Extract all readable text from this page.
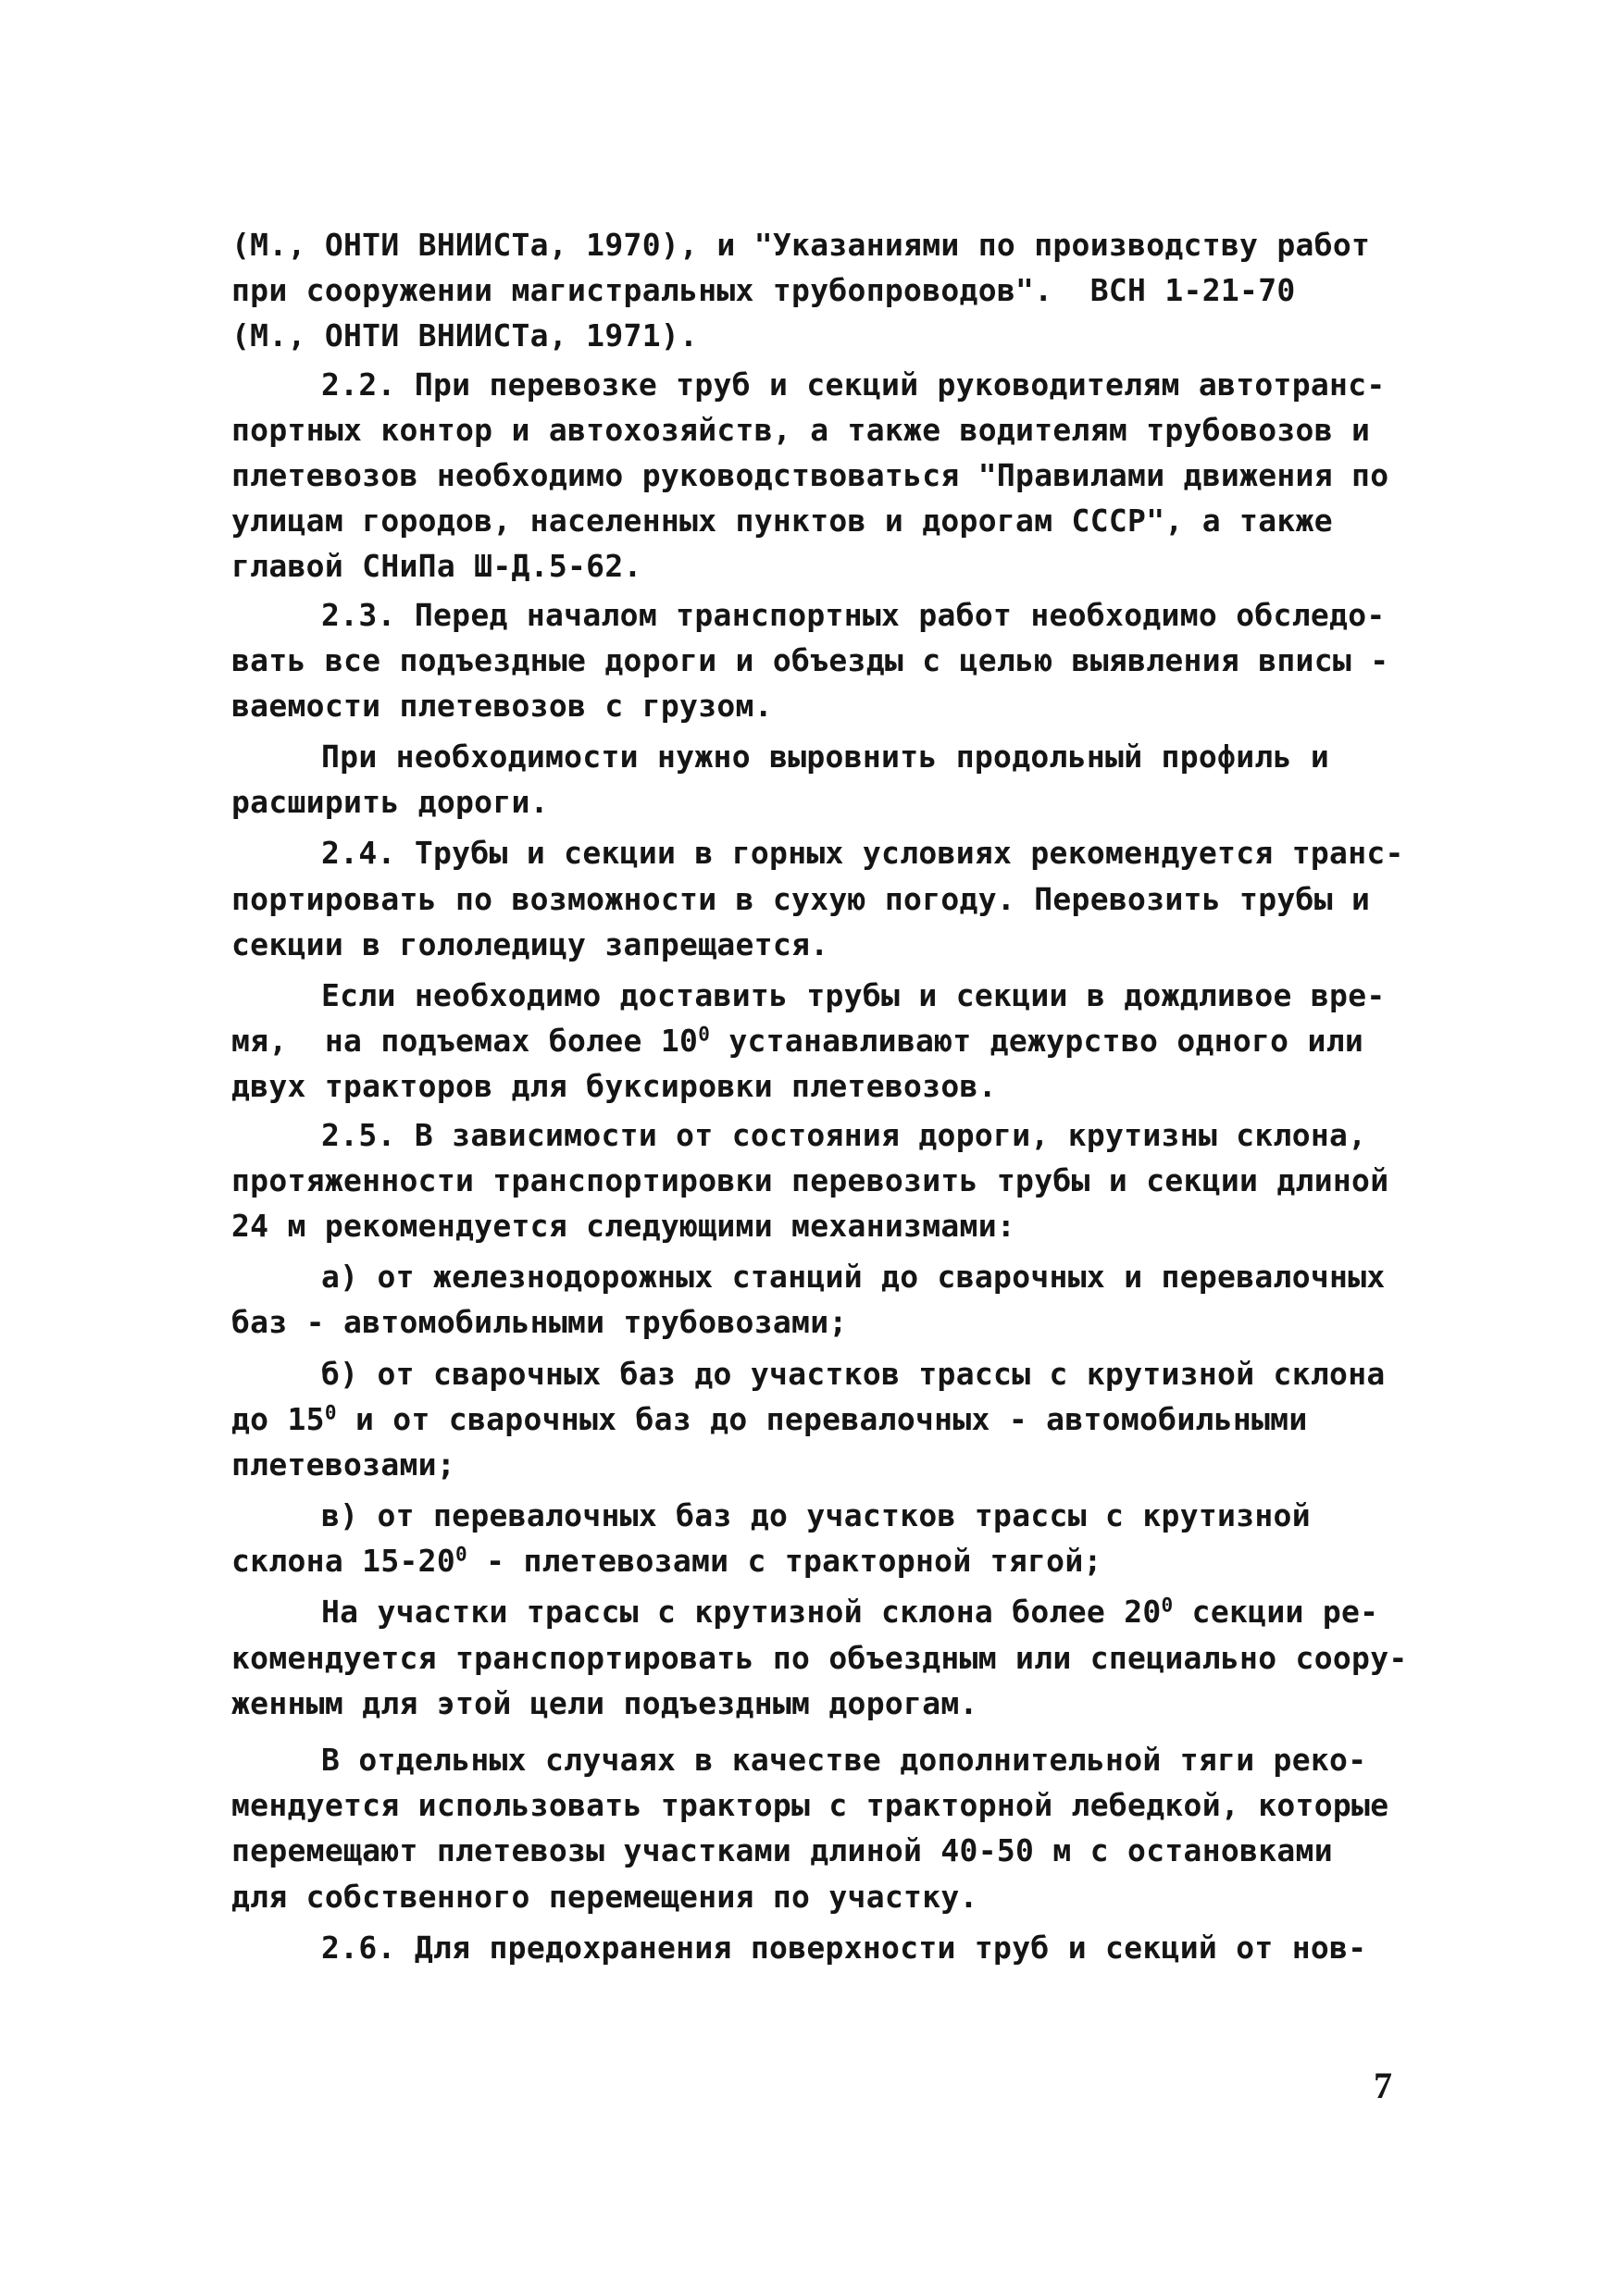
(М., ОНТИ ВНИИСТа, 1970), и "Указаниями по производству работ
при сооружении магистральных трубопроводов".  ВСН 1-21-70
(М., ОНТИ ВНИИСТа, 1971).
2.2. При перевозке труб и секций руководителям автотранс-
портных контор и автохозяйств, а также водителям трубовозов и
плетевозов необходимо руководствоваться "Правилами движения по
улицам городов, населенных пунктов и дорогам СССР", а также
главой СНиПа Ш-Д.5-62.
2.3. Перед началом транспортных работ необходимо обследо-
вать все подъездные дороги и объезды с целью выявления вписы -
ваемости плетевозов с грузом.
При необходимости нужно выровнить продольный профиль и
расширить дороги.
2.4. Трубы и секции в горных условиях рекомендуется транс-
портировать по возможности в сухую погоду. Перевозить трубы и
секции в гололедицу запрещается.
Если необходимо доставить трубы и секции в дождливое вре-
мя,  на подъемах более $10^0$ устанавливают дежурство одного или
двух тракторов для буксировки плетевозов.
2.5. В зависимости от состояния дороги, крутизны склона,
протяженности транспортировки перевозить трубы и секции длиной
24 м рекомендуется следующими механизмами:
а) от железнодорожных станций до сварочных и перевалочных
баз - автомобильными трубовозами;
б) от сварочных баз до участков трассы с крутизной склона
до $15^0$ и от сварочных баз до перевалочных - автомобильными
плетевозами;
в) от перевалочных баз до участков трассы с крутизной
склона $15-20^0$ - плетевозами с тракторной тягой;
На участки трассы с крутизной склона более $20^0$ секции ре-
комендуется транспортировать по объездным или специально соору-
женным для этой цели подъездным дорогам.
В отдельных случаях в качестве дополнительной тяги реко-
мендуется использовать тракторы с тракторной лебедкой, которые
перемещают плетевозы участками длиной 40-50 м с остановками
для собственного перемещения по участку.
2.6. Для предохранения поверхности труб и секций от нов-
7
